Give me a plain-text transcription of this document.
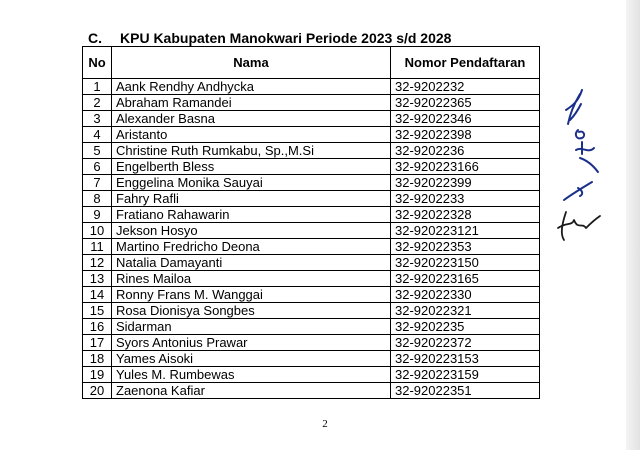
C. KPU Kabupaten Manokwari Periode 2023 s/d 2028
No	Nama	Nomor Pendaftaran
1	Aank Rendhy Andhycka	32-9202232
2	Abraham Ramandei	32-92022365
3	Alexander Basna	32-92022346
4	Aristanto	32-92022398
5	Christine Ruth Rumkabu, Sp.,M.Si	32-9202236
6	Engelberth Bless	32-920223166
7	Enggelina Monika Sauyai	32-92022399
8	Fahry Rafli	32-9202233
9	Fratiano Rahawarin	32-92022328
10	Jekson Hosyo	32-920223121
11	Martino Fredricho Deona	32-92022353
12	Natalia Damayanti	32-920223150
13	Rines Mailoa	32-920223165
14	Ronny Frans M. Wanggai	32-92022330
15	Rosa Dionisya Songbes	32-92022321
16	Sidarman	32-9202235
17	Syors Antonius Prawar	32-92022372
18	Yames Aisoki	32-920223153
19	Yules M. Rumbewas	32-920223159
20	Zaenona Kafiar	32-92022351
2
